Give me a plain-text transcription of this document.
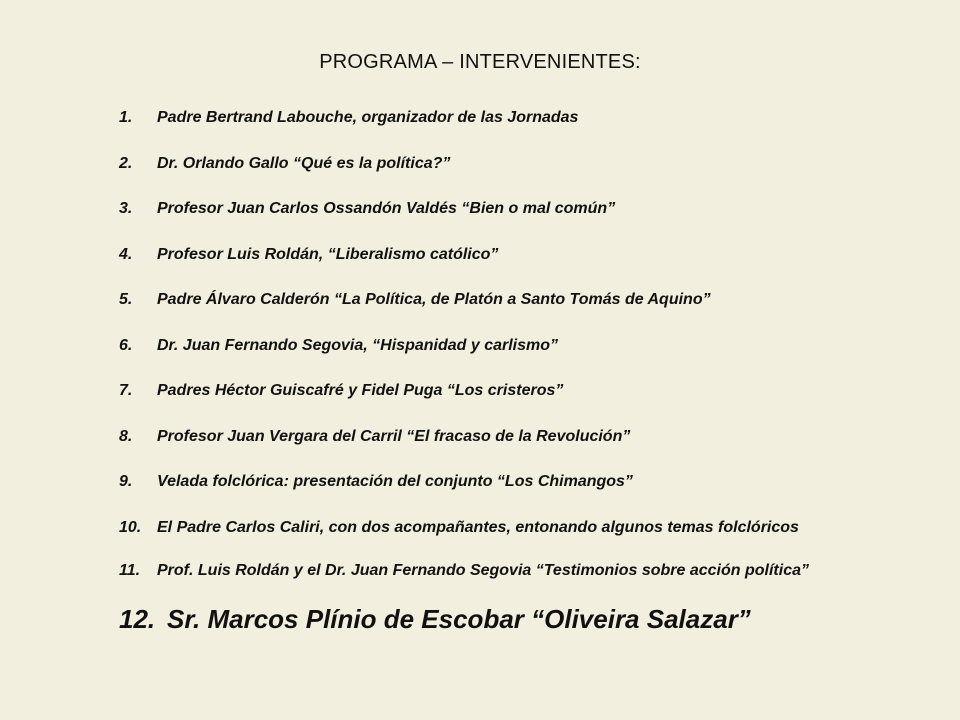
PROGRAMA – INTERVENIENTES:
1. Padre Bertrand Labouche, organizador de las Jornadas
2. Dr. Orlando Gallo “Qué es la política?”
3. Profesor Juan Carlos Ossandón Valdés “Bien o mal común”
4. Profesor Luis Roldán, “Liberalismo católico”
5. Padre Álvaro Calderón “La Política, de Platón a Santo Tomás de Aquino”
6. Dr. Juan Fernando Segovia, “Hispanidad y carlismo”
7. Padres Héctor Guiscafré y Fidel Puga “Los cristeros”
8. Profesor Juan Vergara del Carril “El fracaso de la Revolución”
9. Velada folclórica: presentación del conjunto “Los Chimangos”
10. El Padre Carlos Caliri, con dos acompañantes, entonando algunos temas folclóricos
11. Prof. Luis Roldán y el Dr. Juan Fernando Segovia “Testimonios sobre acción política”
12. Sr. Marcos Plínio de Escobar “Oliveira Salazar”
